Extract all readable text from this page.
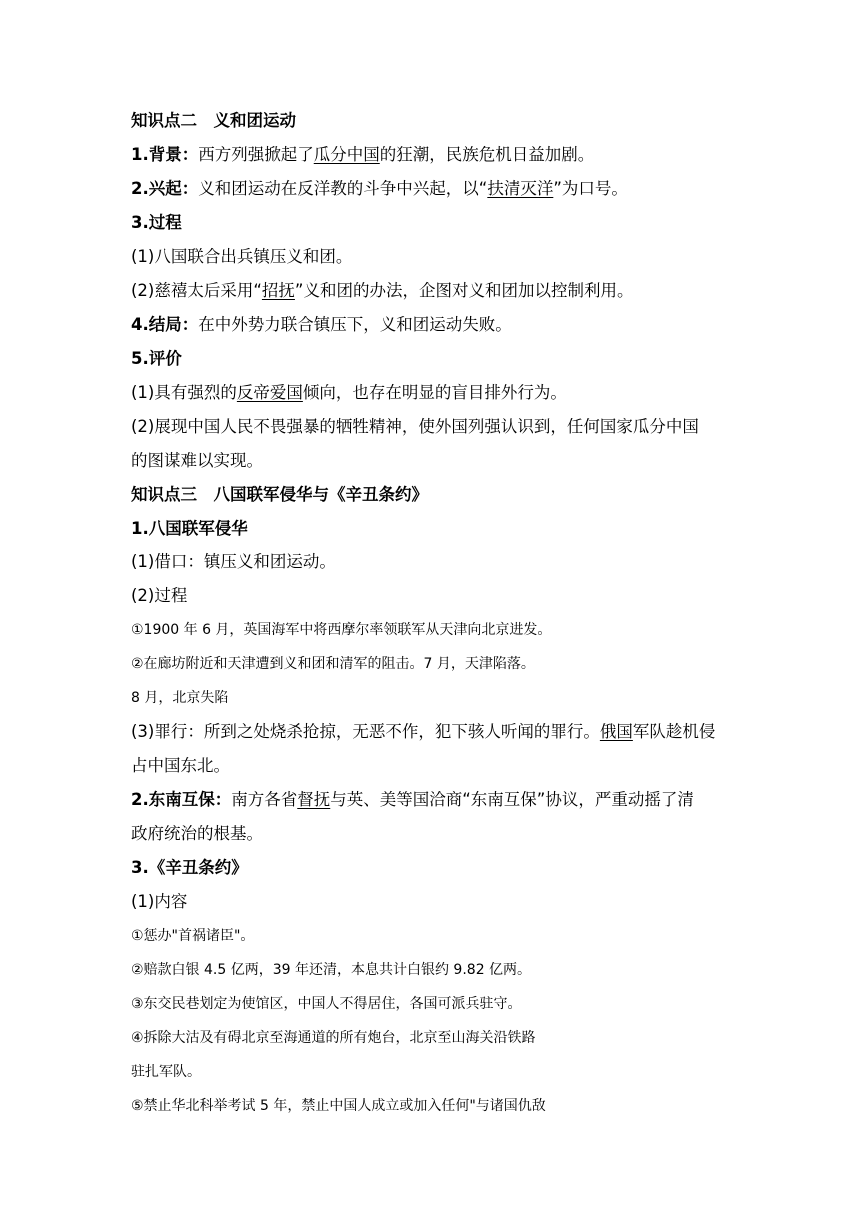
知识点二　义和团运动
1.背景：西方列强掀起了瓜分中国的狂潮，民族危机日益加剧。
2.兴起：义和团运动在反洋教的斗争中兴起，以“扶清灭洋”为口号。
3.过程
(1)八国联合出兵镇压义和团。
(2)慈禧太后采用“招抚”义和团的办法，企图对义和团加以控制利用。
4.结局：在中外势力联合镇压下，义和团运动失败。
5.评价
(1)具有强烈的反帝爱国倾向，也存在明显的盲目排外行为。
(2)展现中国人民不畏强暴的牺牲精神，使外国列强认识到，任何国家瓜分中国
的图谋难以实现。
知识点三　八国联军侵华与《辛丑条约》
1.八国联军侵华
(1)借口：镇压义和团运动。
(2)过程
①1900 年 6 月，英国海军中将西摩尔率领联军从天津向北京进发。
②在廊坊附近和天津遭到义和团和清军的阻击。7 月，天津陷落。
8 月，北京失陷
(3)罪行：所到之处烧杀抢掠，无恶不作，犯下骇人听闻的罪行。俄国军队趁机侵
占中国东北。
2.东南互保：南方各省督抚与英、美等国洽商“东南互保”协议，严重动摇了清
政府统治的根基。
3.《辛丑条约》
(1)内容
①惩办"首祸诸臣"。
②赔款白银 4.5 亿两，39 年还清，本息共计白银约 9.82 亿两。
③东交民巷划定为使馆区，中国人不得居住，各国可派兵驻守。
④拆除大沽及有碍北京至海通道的所有炮台，北京至山海关沿铁路
驻扎军队。
⑤禁止华北科举考试 5 年，禁止中国人成立或加入任何"与诸国仇敌
